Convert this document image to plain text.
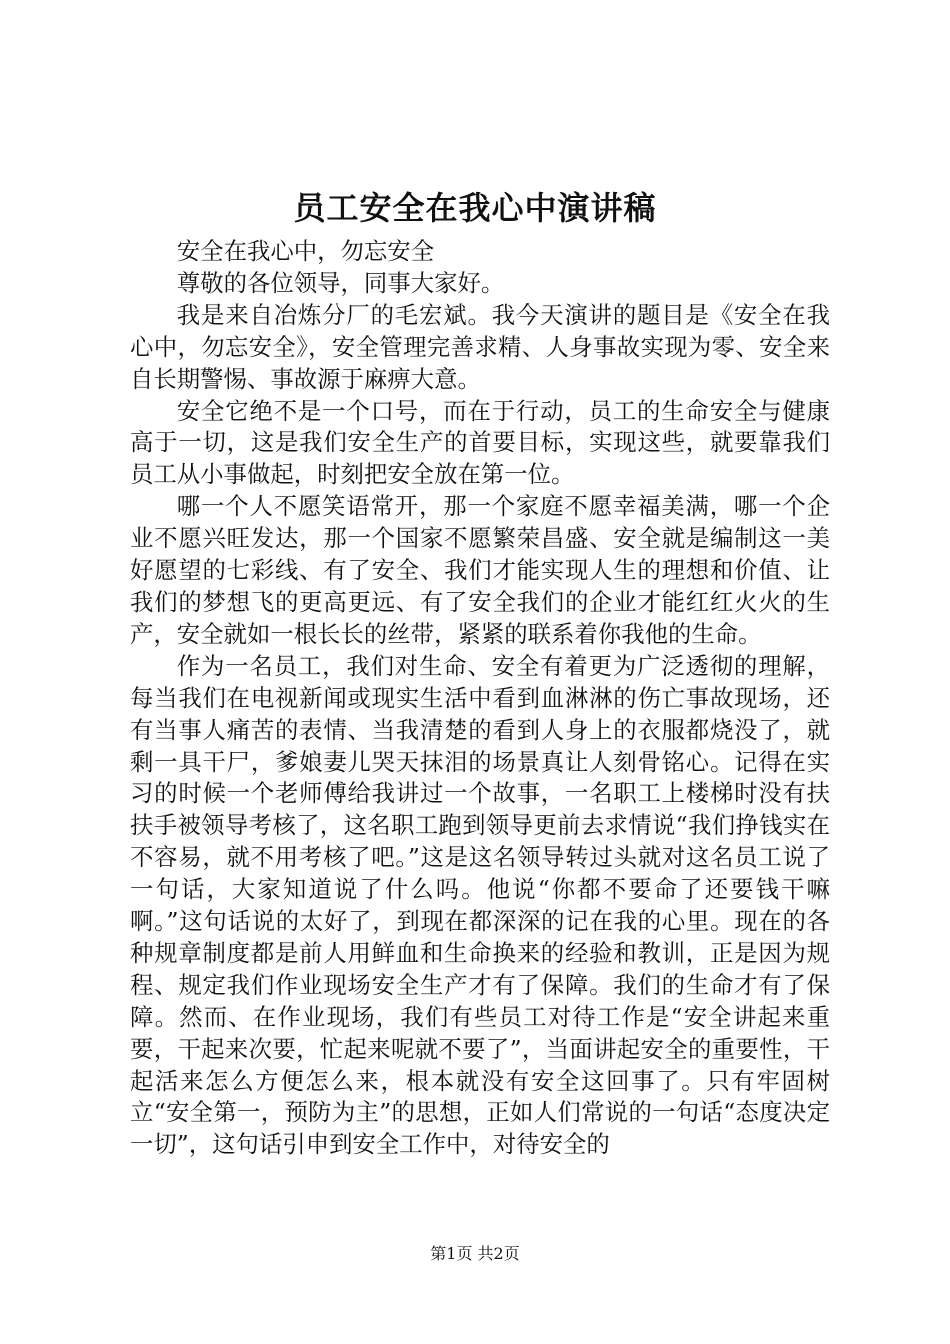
员工安全在我心中演讲稿

安全在我心中，勿忘安全

尊敬的各位领导，同事大家好。

我是来自冶炼分厂的毛宏斌。我今天演讲的题目是《安全在我心中，勿忘安全》，安全管理完善求精、人身事故实现为零、安全来自长期警惕、事故源于麻痹大意。

安全它绝不是一个口号，而在于行动，员工的生命安全与健康高于一切，这是我们安全生产的首要目标，实现这些，就要靠我们员工从小事做起，时刻把安全放在第一位。

哪一个人不愿笑语常开，那一个家庭不愿幸福美满，哪一个企业不愿兴旺发达，那一个国家不愿繁荣昌盛、安全就是编制这一美好愿望的七彩线、有了安全、我们才能实现人生的理想和价值、让我们的梦想飞的更高更远、有了安全我们的企业才能红红火火的生产，安全就如一根长长的丝带，紧紧的联系着你我他的生命。

作为一名员工，我们对生命、安全有着更为广泛透彻的理解，每当我们在电视新闻或现实生活中看到血淋淋的伤亡事故现场，还有当事人痛苦的表情、当我清楚的看到人身上的衣服都烧没了，就剩一具干尸，爹娘妻儿哭天抹泪的场景真让人刻骨铭心。记得在实习的时候一个老师傅给我讲过一个故事，一名职工上楼梯时没有扶扶手被领导考核了，这名职工跑到领导更前去求情说“我们挣钱实在不容易，就不用考核了吧。”这是这名领导转过头就对这名员工说了一句话，大家知道说了什么吗。他说“你都不要命了还要钱干嘛啊。”这句话说的太好了，到现在都深深的记在我的心里。现在的各种规章制度都是前人用鲜血和生命换来的经验和教训，正是因为规程、规定我们作业现场安全生产才有了保障。我们的生命才有了保障。然而、在作业现场，我们有些员工对待工作是“安全讲起来重要，干起来次要，忙起来呢就不要了”，当面讲起安全的重要性，干起活来怎么方便怎么来，根本就没有安全这回事了。只有牢固树立“安全第一，预防为主”的思想，正如人们常说的一句话“态度决定一切”，这句话引申到安全工作中，对待安全的

第1页 共2页
